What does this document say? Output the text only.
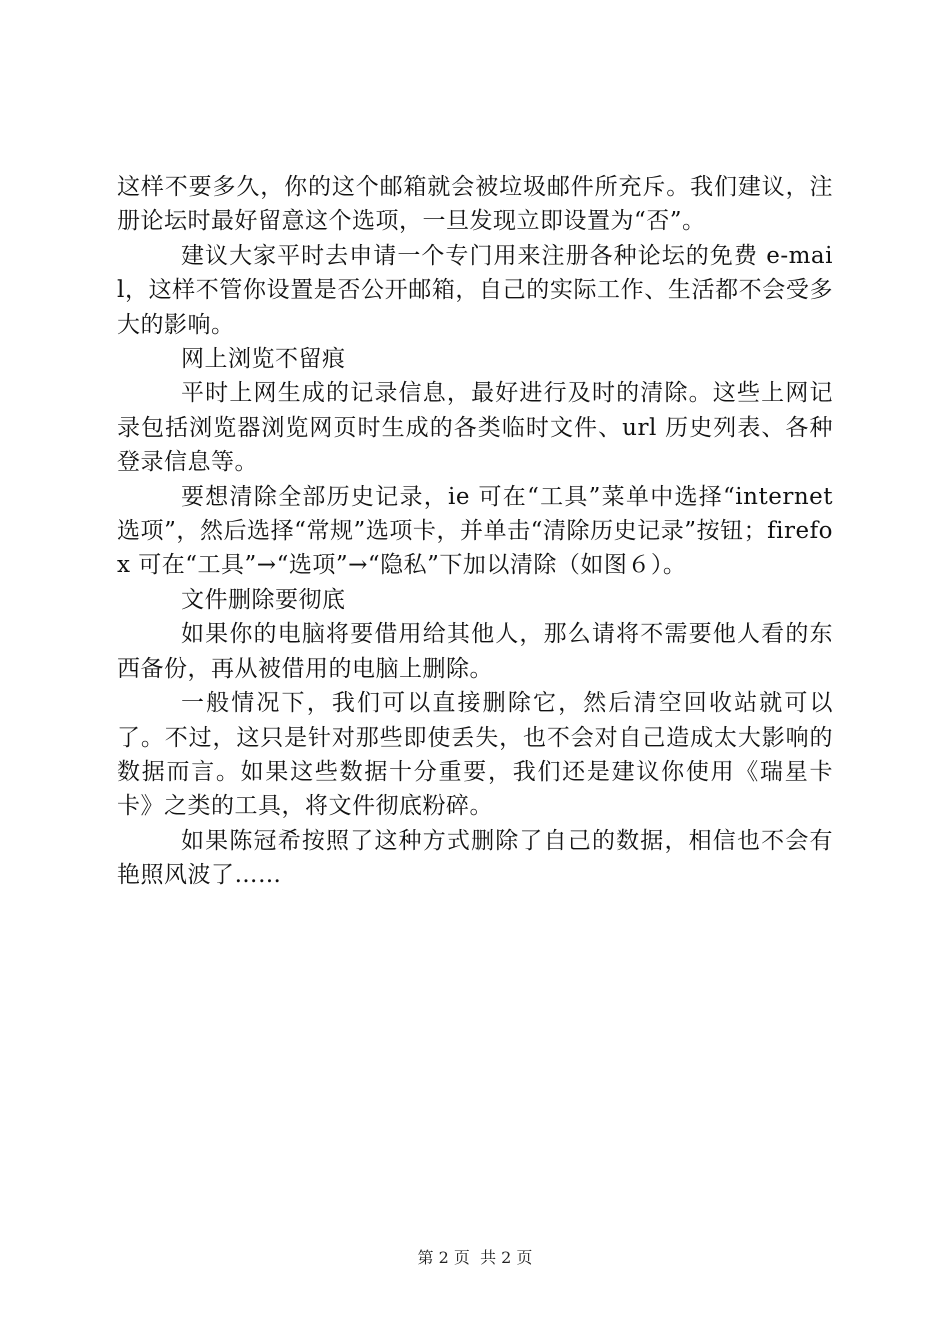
这样不要多久，你的这个邮箱就会被垃圾邮件所充斥。我们建议，注册论坛时最好留意这个选项，一旦发现立即设置为“否”。

建议大家平时去申请一个专门用来注册各种论坛的免费 e-mail，这样不管你设置是否公开邮箱，自己的实际工作、生活都不会受多大的影响。

网上浏览不留痕

平时上网生成的记录信息，最好进行及时的清除。这些上网记录包括浏览器浏览网页时生成的各类临时文件、url 历史列表、各种登录信息等。

要想清除全部历史记录，ie 可在“工具”菜单中选择“internet 选项”，然后选择“常规”选项卡，并单击“清除历史记录”按钮；firefox 可在“工具”→“选项”→“隐私”下加以清除（如图６）。

文件删除要彻底

如果你的电脑将要借用给其他人，那么请将不需要他人看的东西备份，再从被借用的电脑上删除。

一般情况下，我们可以直接删除它，然后清空回收站就可以了。不过，这只是针对那些即使丢失，也不会对自己造成太大影响的数据而言。如果这些数据十分重要，我们还是建议你使用《瑞星卡卡》之类的工具，将文件彻底粉碎。

如果陈冠希按照了这种方式删除了自己的数据，相信也不会有艳照风波了……

第 2 页  共 2 页
